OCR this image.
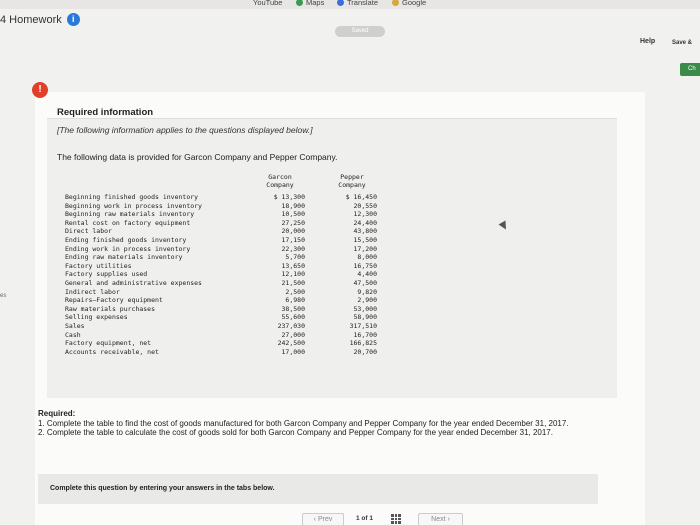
YouTube	Maps	Translate	Google
4 Homework	i
Saved
Help	Save &
Ch
es
!
Required information
[The following information applies to the questions displayed below.]
The following data is provided for Garcon Company and Pepper Company.
Garcon
Company
Pepper
Company
Beginning finished goods inventory	$ 13,300	$ 16,450
Beginning work in process inventory	18,900	20,550
Beginning raw materials inventory	10,500	12,300
Rental cost on factory equipment	27,250	24,400
Direct labor	20,000	43,800
Ending finished goods inventory	17,150	15,500
Ending work in process inventory	22,300	17,200
Ending raw materials inventory	5,700	8,000
Factory utilities	13,650	16,750
Factory supplies used	12,100	4,400
General and administrative expenses	21,500	47,500
Indirect labor	2,500	9,820
Repairs—Factory equipment	6,980	2,900
Raw materials purchases	38,500	53,000
Selling expenses	55,600	58,900
Sales	237,030	317,510
Cash	27,000	16,700
Factory equipment, net	242,500	166,825
Accounts receivable, net	17,000	20,700
Required:
1. Complete the table to find the cost of goods manufactured for both Garcon Company and Pepper Company for the year ended December 31, 2017.
2. Complete the table to calculate the cost of goods sold for both Garcon Company and Pepper Company for the year ended December 31, 2017.
Complete this question by entering your answers in the tabs below.
‹ Prev	1 of 1	Next ›
